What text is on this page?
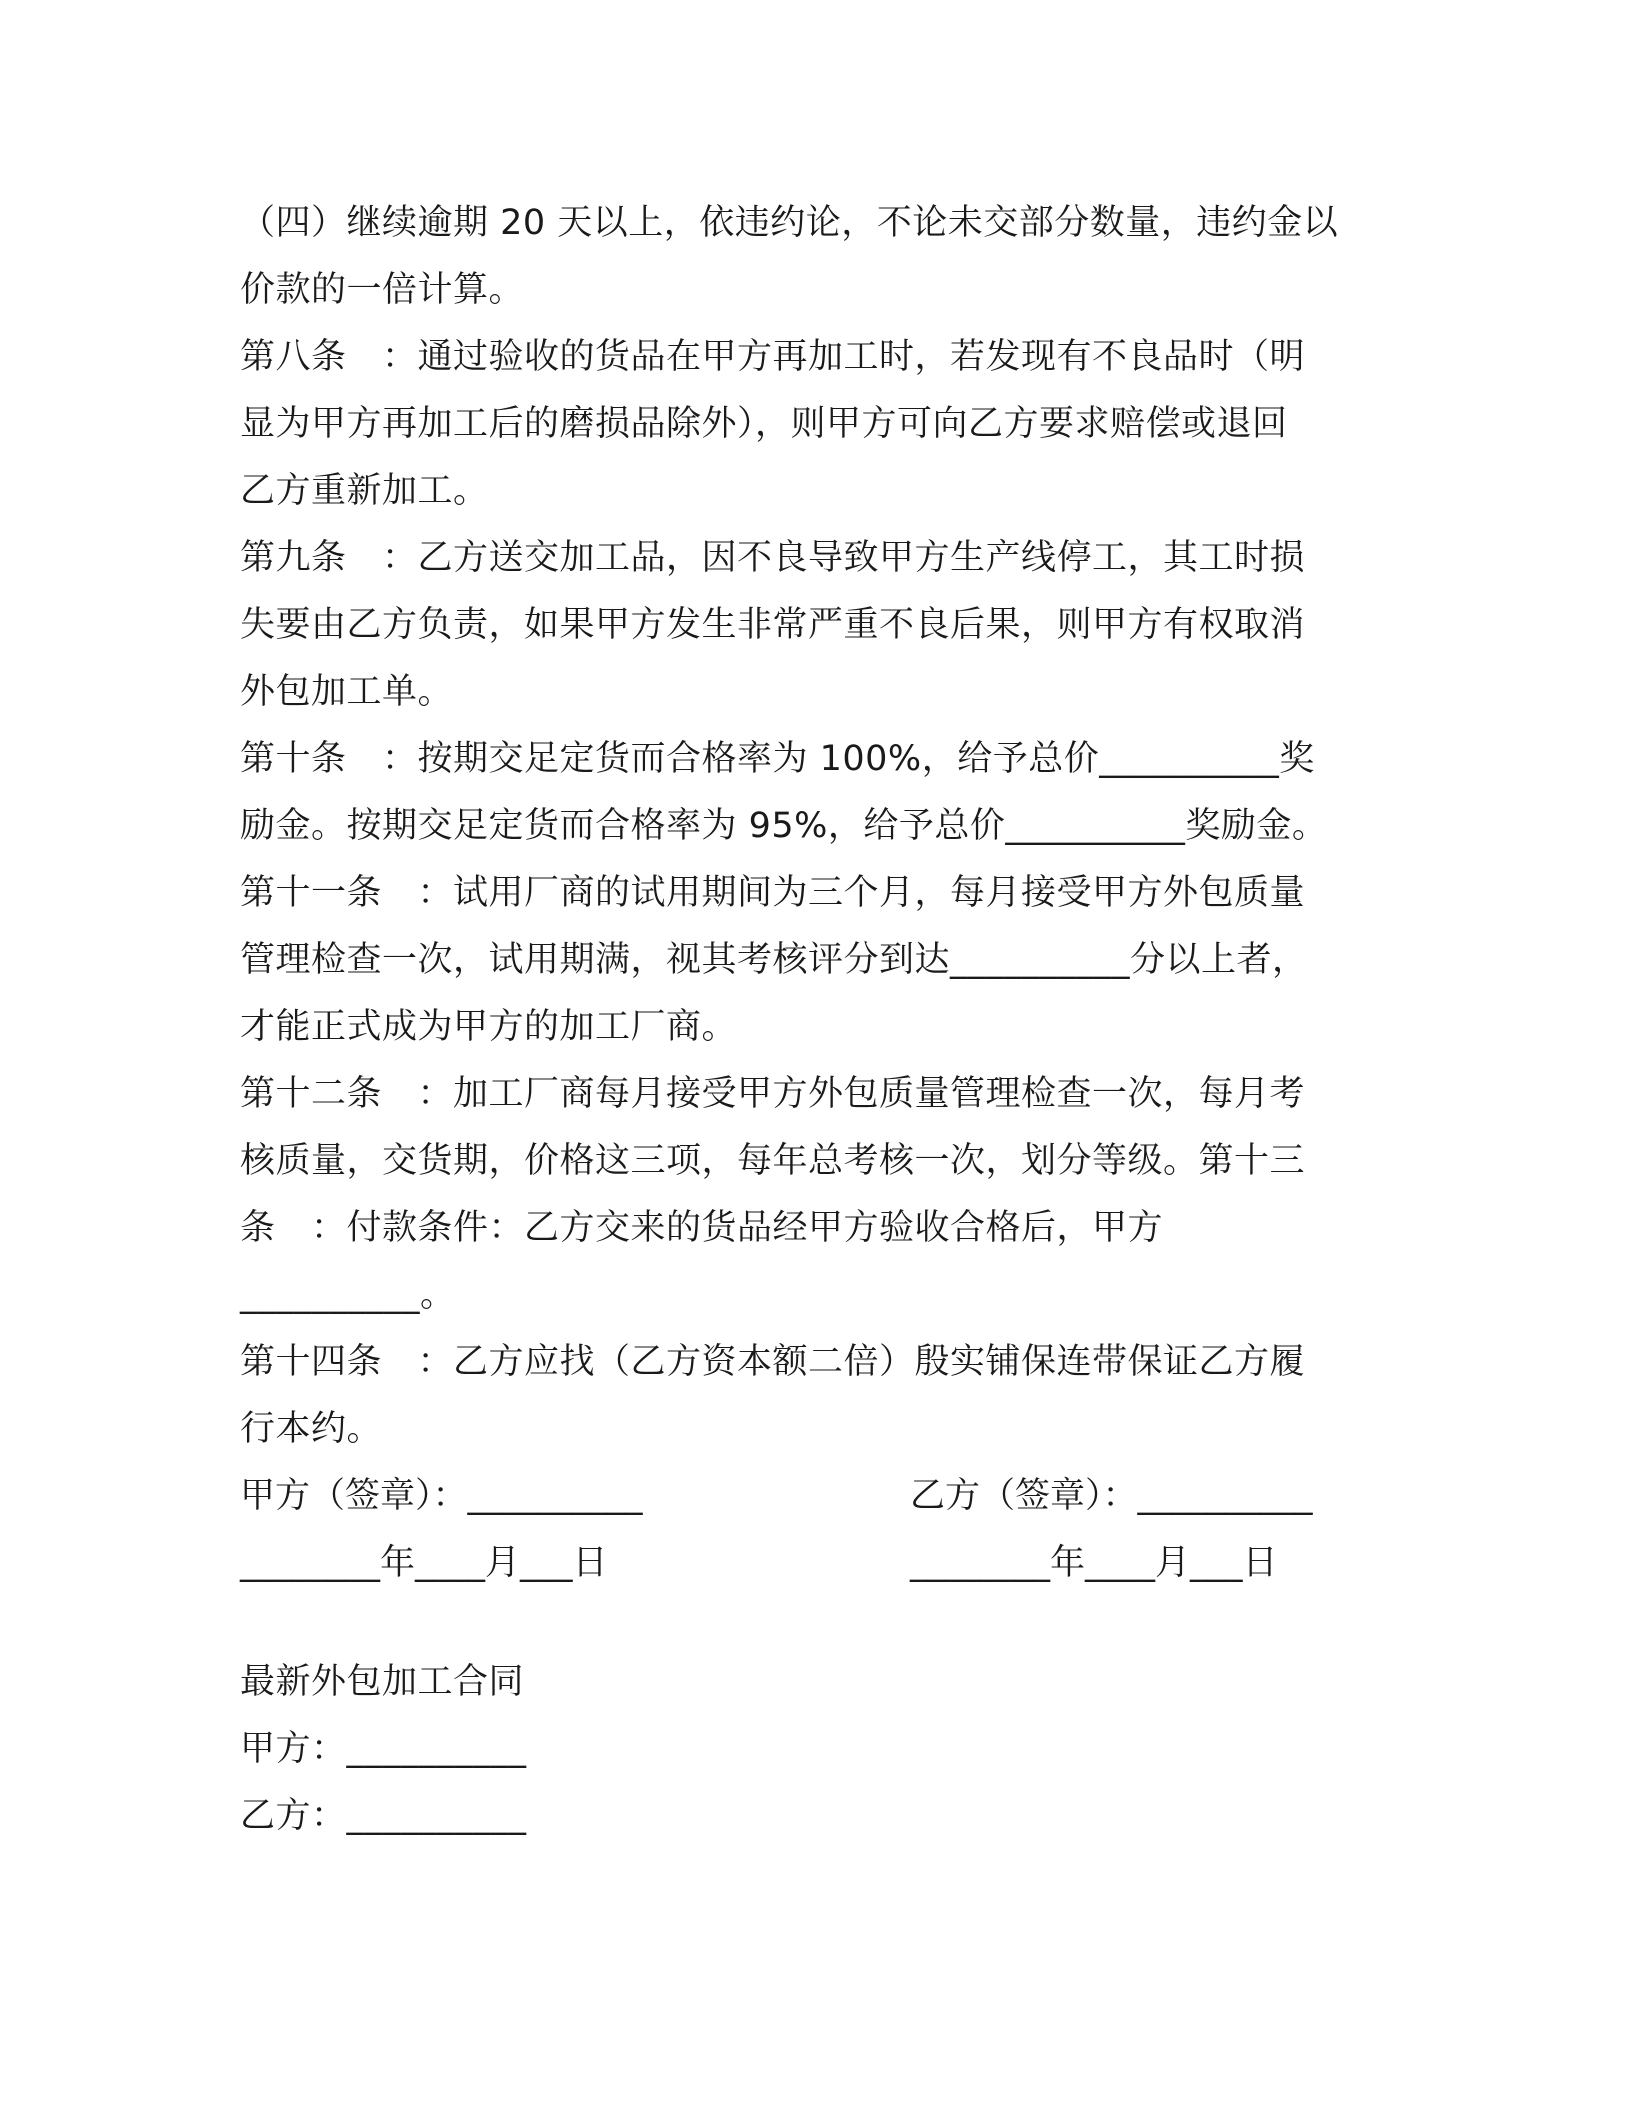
（四）继续逾期 20 天以上，依违约论，不论未交部分数量，违约金以
价款的一倍计算。
第八条　：通过验收的货品在甲方再加工时，若发现有不良品时（明
显为甲方再加工后的磨损品除外），则甲方可向乙方要求赔偿或退回
乙方重新加工。
第九条　：乙方送交加工品，因不良导致甲方生产线停工，其工时损
失要由乙方负责，如果甲方发生非常严重不良后果，则甲方有权取消
外包加工单。
第十条　：按期交足定货而合格率为 100%，给予总价__________奖
励金。按期交足定货而合格率为 95%，给予总价__________奖励金。
第十一条　：试用厂商的试用期间为三个月，每月接受甲方外包质量
管理检查一次，试用期满，视其考核评分到达__________分以上者，
才能正式成为甲方的加工厂商。
第十二条　：加工厂商每月接受甲方外包质量管理检查一次，每月考
核质量，交货期，价格这三项，每年总考核一次，划分等级。第十三
条　：付款条件：乙方交来的货品经甲方验收合格后，甲方
__________。
第十四条　：乙方应找（乙方资本额二倍）殷实铺保连带保证乙方履
行本约。
甲方（签章）：__________	乙方（签章）：__________
________年____月___日	________年____月___日
最新外包加工合同
甲方：__________
乙方：__________
